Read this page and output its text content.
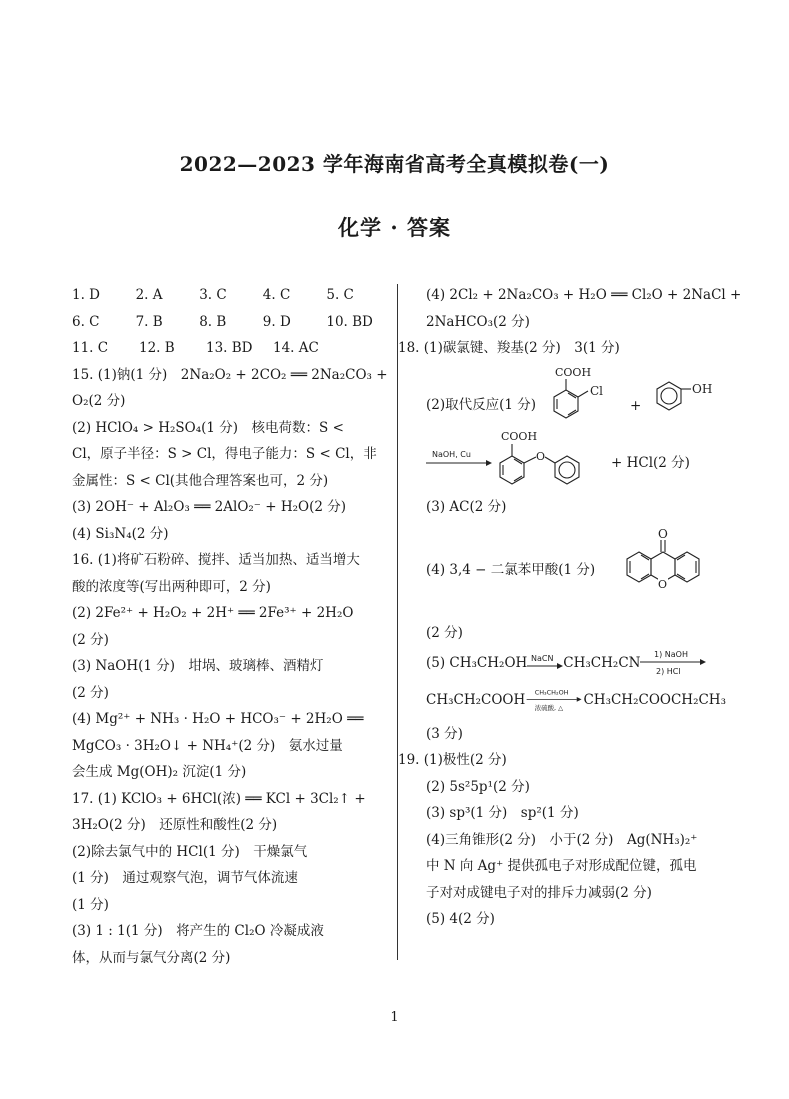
2022—2023 学年海南省高考全真模拟卷(一)
化学 · 答案
1. D	2. A	3. C	4. C	5. C
6. C	7. B	8. B	9. D	10. BD
11. C	12. B	13. BD	14. AC
15. (1)钠(1 分)　2Na₂O₂ + 2CO₂ ══ 2Na₂CO₃ +
O₂(2 分)
(2) HClO₄ > H₂SO₄(1 分)　核电荷数：S <
Cl，原子半径：S > Cl，得电子能力：S < Cl，非
金属性：S < Cl(其他合理答案也可，2 分)
(3) 2OH⁻ + Al₂O₃ ══ 2AlO₂⁻ + H₂O(2 分)
(4) Si₃N₄(2 分)
16. (1)将矿石粉碎、搅拌、适当加热、适当增大
酸的浓度等(写出两种即可，2 分)
(2) 2Fe²⁺ + H₂O₂ + 2H⁺ ══ 2Fe³⁺ + 2H₂O
(2 分)
(3) NaOH(1 分)　坩埚、玻璃棒、酒精灯
(2 分)
(4) Mg²⁺ + NH₃ · H₂O + HCO₃⁻ + 2H₂O ══
MgCO₃ · 3H₂O↓ + NH₄⁺(2 分)　氨水过量
会生成 Mg(OH)₂ 沉淀(1 分)
17. (1) KClO₃ + 6HCl(浓) ══ KCl + 3Cl₂↑ +
3H₂O(2 分)　还原性和酸性(2 分)
(2)除去氯气中的 HCl(1 分)　干燥氯气
(1 分)　通过观察气泡，调节气体流速
(1 分)
(3) 1 : 1(1 分)　将产生的 Cl₂O 冷凝成液
体，从而与氯气分离(2 分)
(4) 2Cl₂ + 2Na₂CO₃ + H₂O ══ Cl₂O + 2NaCl +
2NaHCO₃(2 分)
18. (1)碳氯键、羧基(2 分)　3(1 分)
(2)取代反应(1 分)
COOH
Cl
+
OH
NaOH, Cu
COOH
O	+ HCl(2 分)
(3) AC(2 分)
(4) 3,4 − 二氯苯甲酸(1 分)
O
O
(2 分)
(5) CH₃CH₂OH NaCN CH₃CH₂CN
1) NaOH
2) HCl
CH₃CH₂COOH
CH₃CH₂OH
浓硫酸, △ CH₃CH₂COOCH₂CH₃
(3 分)
19. (1)极性(2 分)
(2) 5s²5p¹(2 分)
(3) sp³(1 分)　sp²(1 分)
(4)三角锥形(2 分)　小于(2 分)　Ag(NH₃)₂⁺
中 N 向 Ag⁺ 提供孤电子对形成配位键，孤电
子对对成键电子对的排斥力减弱(2 分)
(5) 4(2 分)
1
